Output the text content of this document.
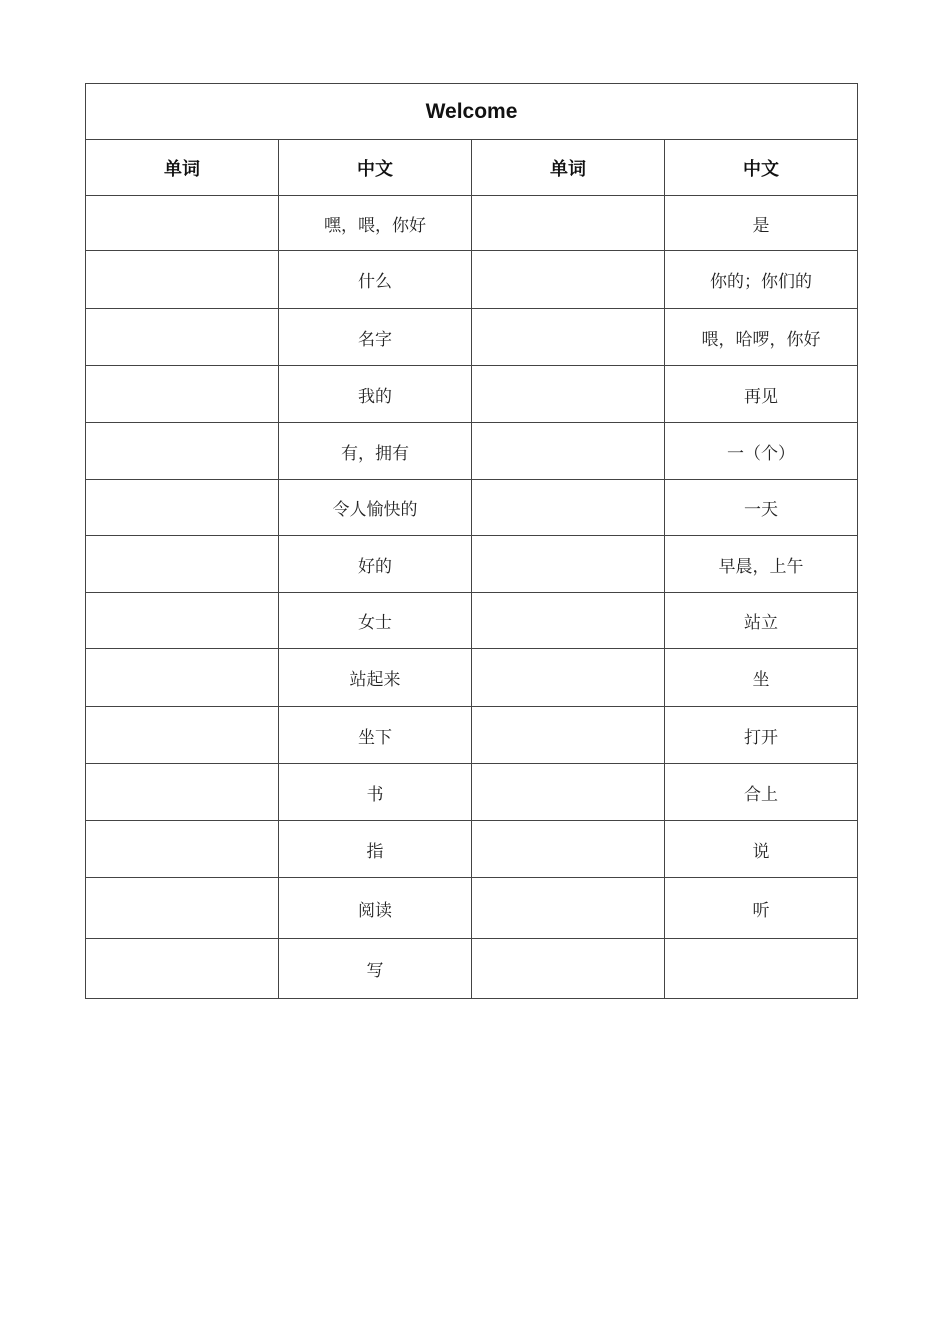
Welcome			
单词	中文	单词	中文
	嘿，喂，你好		是
	什么		你的；你们的
	名字		喂，哈啰，你好
	我的		再见
	有，拥有		一（个）
	令人愉快的		一天
	好的		早晨，上午
	女士		站立
	站起来		坐
	坐下		打开
	书		合上
	指		说
	阅读		听
	写		
